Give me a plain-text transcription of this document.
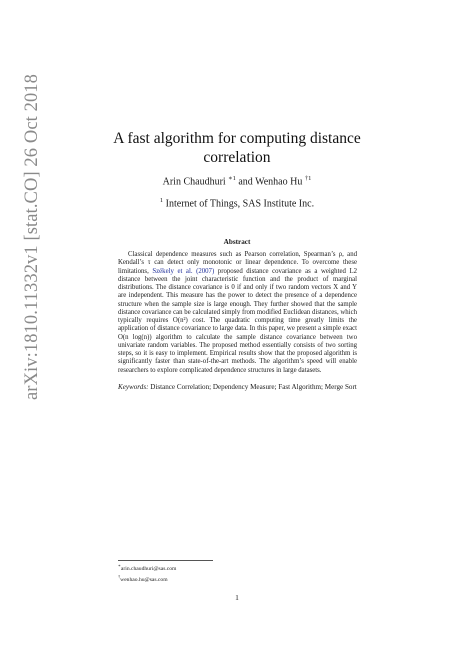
arXiv:1810.11332v1 [stat.CO] 26 Oct 2018	A fast algorithm for computing distance
correlation
Arin Chaudhuri $^{∗1}$ and Wenhao Hu $^{\dagger 1}$
$^1$ Internet of Things, SAS Institute Inc.
Abstract

Classical dependence measures such as Pearson correlation, Spearman’s ρ, and Kendall’s τ can detect only monotonic or linear dependence. To overcome these limitations, Székely et al. (2007) proposed distance covariance as a weighted L2 distance between the joint characteristic function and the product of marginal distributions. The distance covariance is 0 if and only if two random vectors X and Y are independent. This measure has the power to detect the presence of a dependence structure when the sample size is large enough. They further showed that the sample distance covariance can be calculated simply from modified Euclidean distances, which typically requires O(n²) cost. The quadratic computing time greatly limits the application of distance covariance to large data. In this paper, we present a simple exact O(n log(n)) algorithm to calculate the sample distance covariance between two univariate random variables. The proposed method essentially consists of two sorting steps, so it is easy to implement. Empirical results show that the proposed algorithm is significantly faster than state-of-the-art methods. The algorithm’s speed will enable researchers to explore complicated dependence structures in large datasets.

Keywords: Distance Correlation; Dependency Measure; Fast Algorithm; Merge Sort
∗arin.chaudhuri@sas.com
†wenhao.hu@sas.com
1
